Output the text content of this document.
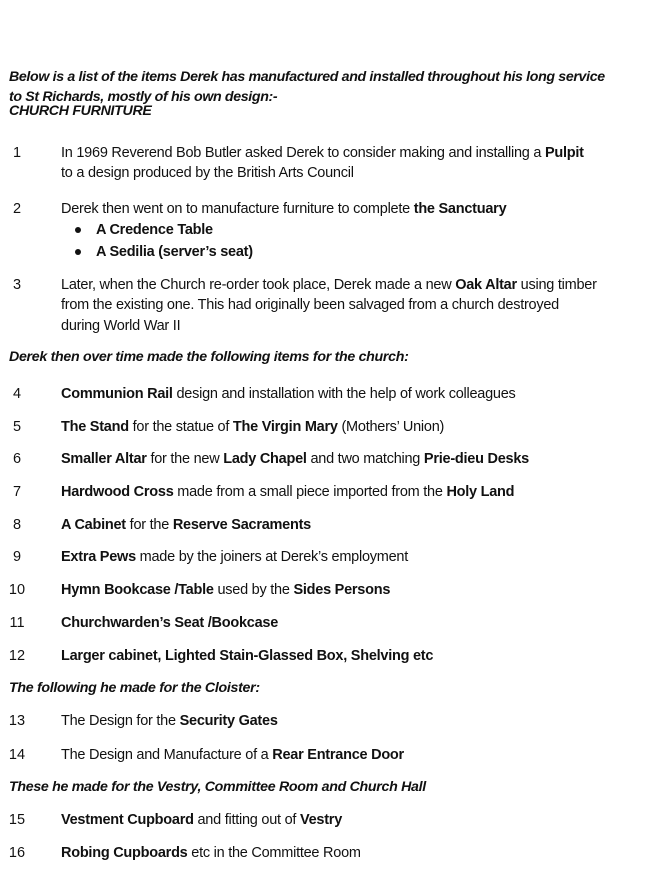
Below is a list of the items Derek has manufactured and installed throughout his long service
to St Richards, mostly of his own design:-
CHURCH FURNITURE
1	In 1969 Reverend Bob Butler asked Derek to consider making and installing a Pulpit
to a design produced by the British Arts Council
2	Derek then went on to manufacture furniture to complete the Sanctuary
A Credence Table
A Sedilia (server’s seat)
3	Later, when the Church re-order took place, Derek made a new Oak Altar using timber
from the existing one. This had originally been salvaged from a church destroyed
during World War II
Derek then over time made the following items for the church:
4	Communion Rail design and installation with the help of work colleagues
5	The Stand for the statue of The Virgin Mary (Mothers’ Union)
6	Smaller Altar for the new Lady Chapel and two matching Prie-dieu Desks
7	Hardwood Cross made from a small piece imported from the Holy Land
8	A Cabinet for the Reserve Sacraments
9	Extra Pews made by the joiners at Derek’s employment
10	Hymn Bookcase /Table used by the Sides Persons
11	Churchwarden’s Seat /Bookcase
12	Larger cabinet, Lighted Stain-Glassed Box, Shelving etc
The following he made for the Cloister:
13	The Design for the Security Gates
14	The Design and Manufacture of a Rear Entrance Door
These he made for the Vestry, Committee Room and Church Hall
15	Vestment Cupboard and fitting out of Vestry
16	Robing Cupboards etc in the Committee Room
